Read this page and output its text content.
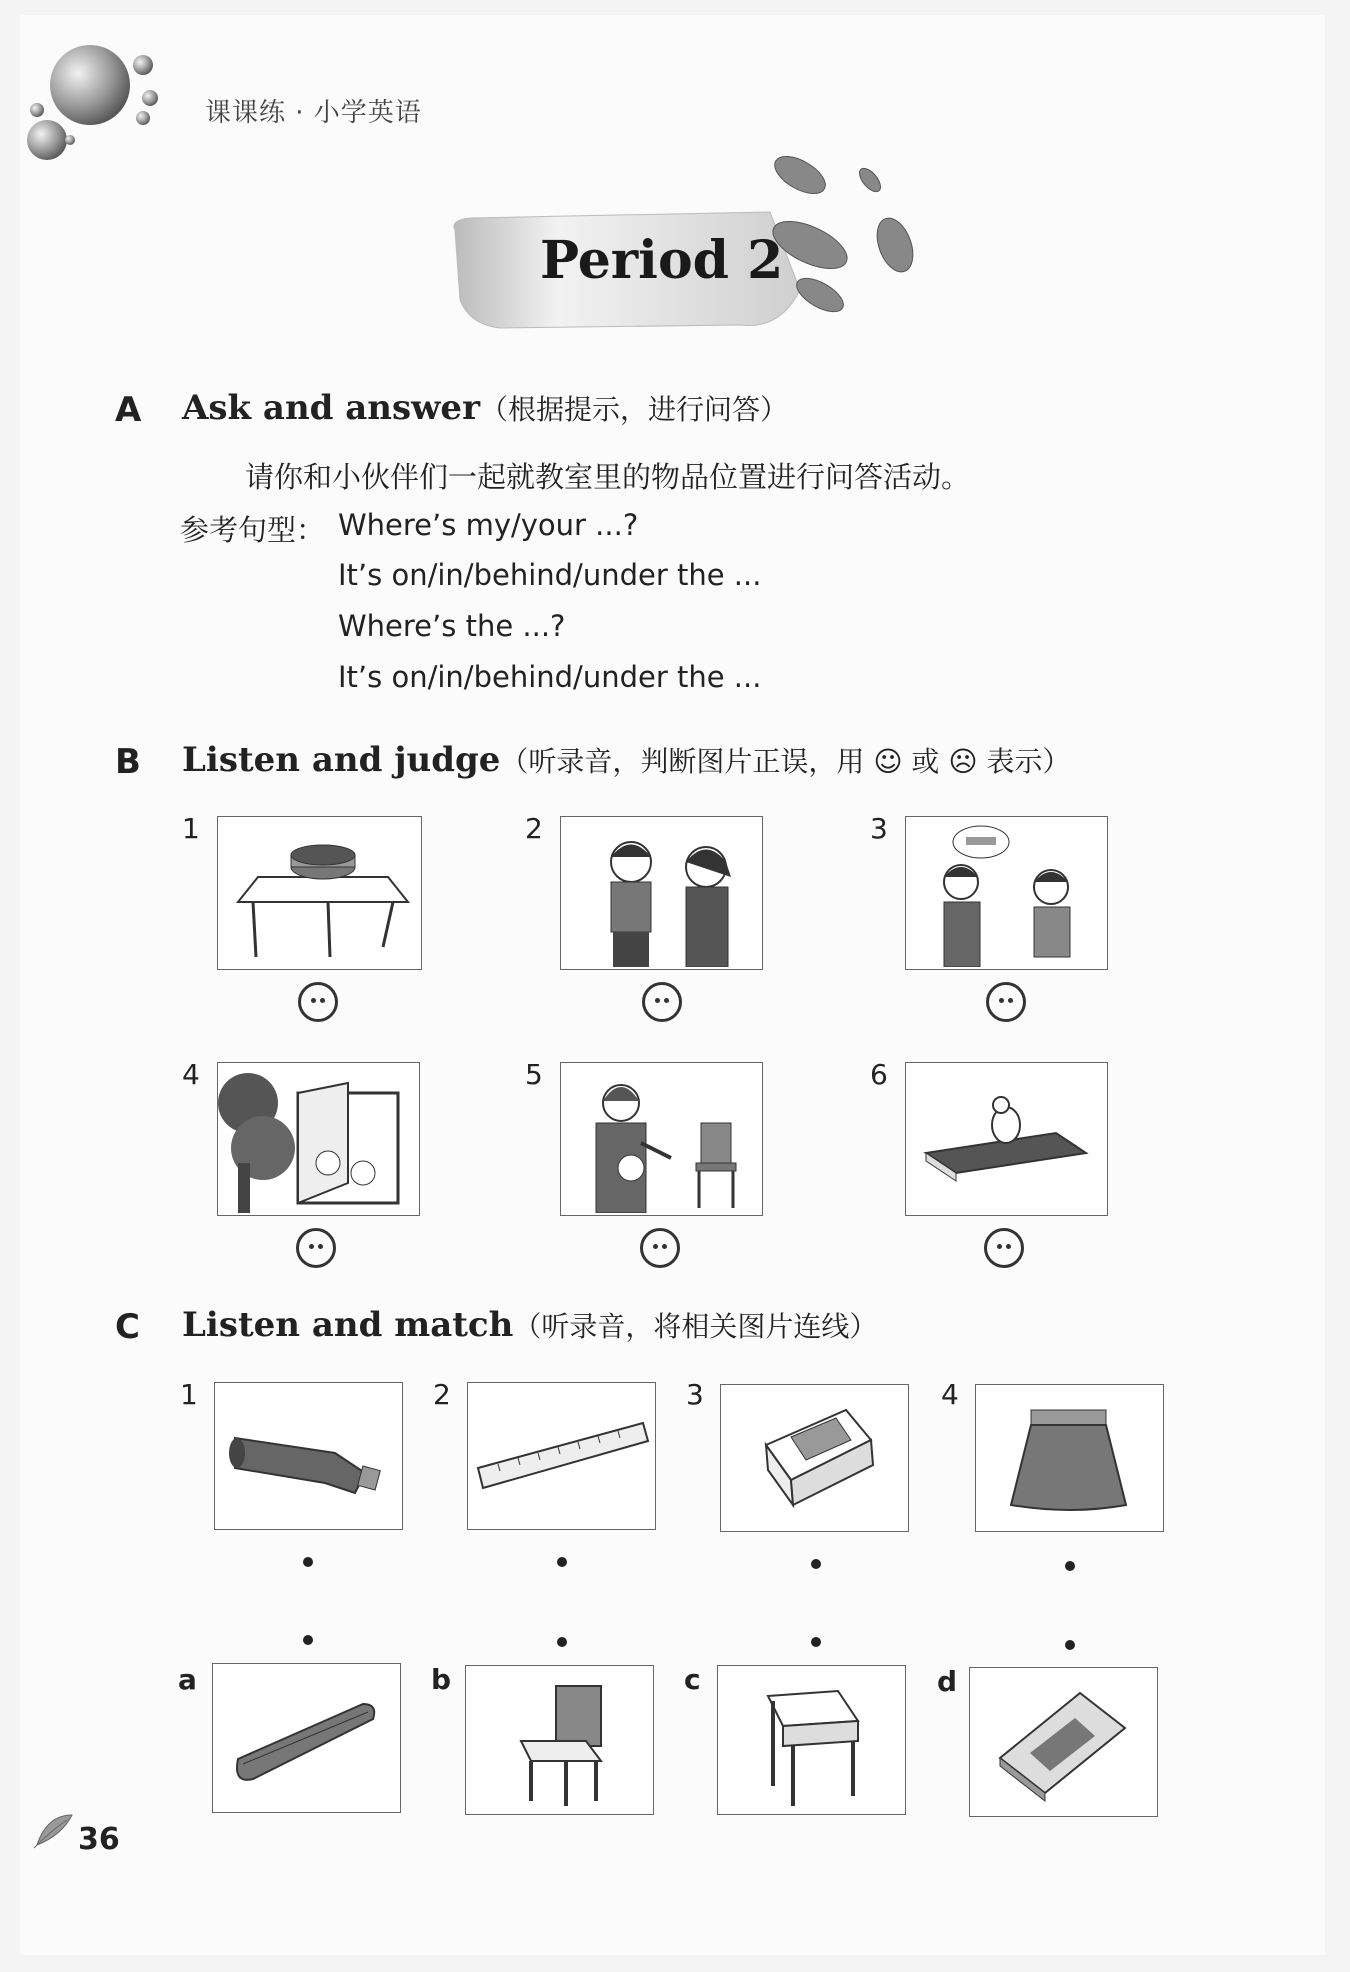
课课练 · 小学英语
Period 2
A Ask and answer（根据提示，进行问答）
请你和小伙伴们一起就教室里的物品位置进行问答活动。
参考句型： Where’s my/your ...?
It’s on/in/behind/under the ...
Where’s the ...?
It’s on/in/behind/under the ...
B Listen and judge（听录音，判断图片正误，用 ☺ 或 ☹ 表示）
1	2	3
4	5	6
C Listen and match（听录音，将相关图片连线）
1	2	3	4
a	b	c	d
36
